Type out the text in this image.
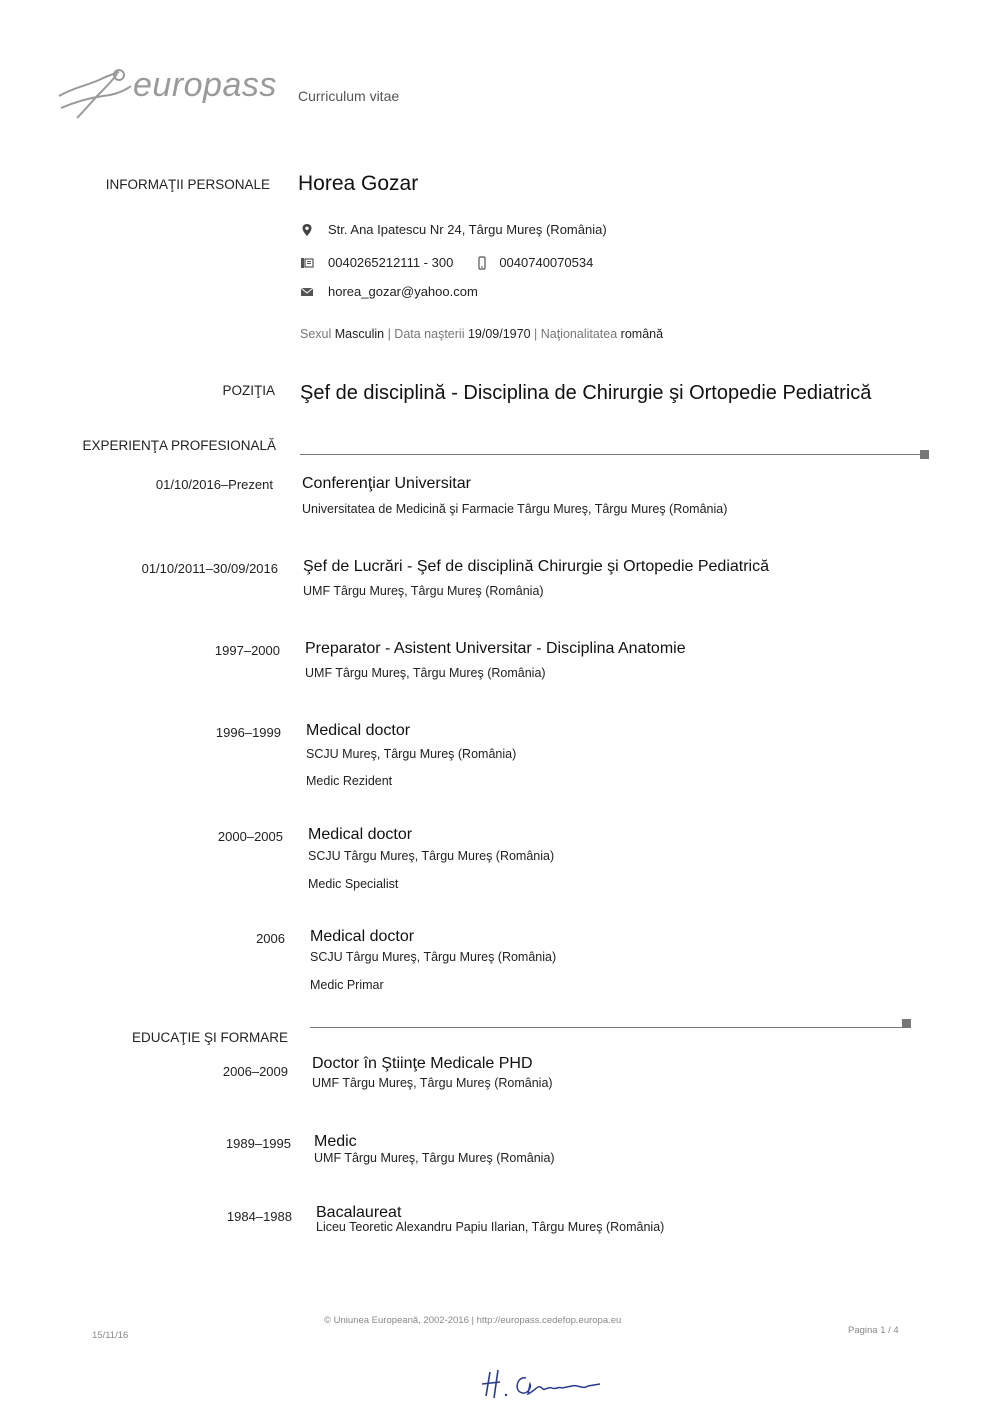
europass Curriculum vitae
INFORMAŢII PERSONALE Horea Gozar
Str. Ana Ipatescu Nr 24, Târgu Mureş (România)
0040265212111 - 300	0040740070534
horea_gozar@yahoo.com
Sexul
Masculin | Data naşterii
19/09/1970 | Naţionalitatea
română
POZIŢIA Şef de disciplină - Disciplina de Chirurgie şi Ortopedie Pediatrică
EXPERIENŢA PROFESIONALĂ
01/10/2016–Prezent Conferenţiar Universitar
Universitatea de Medicină şi Farmacie Târgu Mureş, Târgu Mureş (România)
01/10/2011–30/09/2016 Şef de Lucrări - Şef de disciplină Chirurgie şi Ortopedie Pediatrică
UMF Târgu Mureş, Târgu Mureş (România)
1997–2000 Preparator - Asistent Universitar - Disciplina Anatomie
UMF Târgu Mureş, Târgu Mureş (România)
1996–1999 Medical doctor
SCJU Mureş, Târgu Mureş (România)
Medic Rezident
2000–2005 Medical doctor
SCJU Târgu Mureş, Târgu Mureş (România)
Medic Specialist
2006 Medical doctor
SCJU Târgu Mureş, Târgu Mureş (România)
Medic Primar
EDUCAŢIE ŞI FORMARE
2006–2009 Doctor în Ştiinţe Medicale PHD
UMF Târgu Mureş, Târgu Mureş (România)
1989–1995 Medic
UMF Târgu Mureş, Târgu Mureş (România)
1984–1988 Bacalaureat
Liceu Teoretic Alexandru Papiu Ilarian, Târgu Mureş (România)
15/11/16
© Uniunea Europeană, 2002-2016 | http://europass.cedefop.europa.eu
Pagina 1 / 4
